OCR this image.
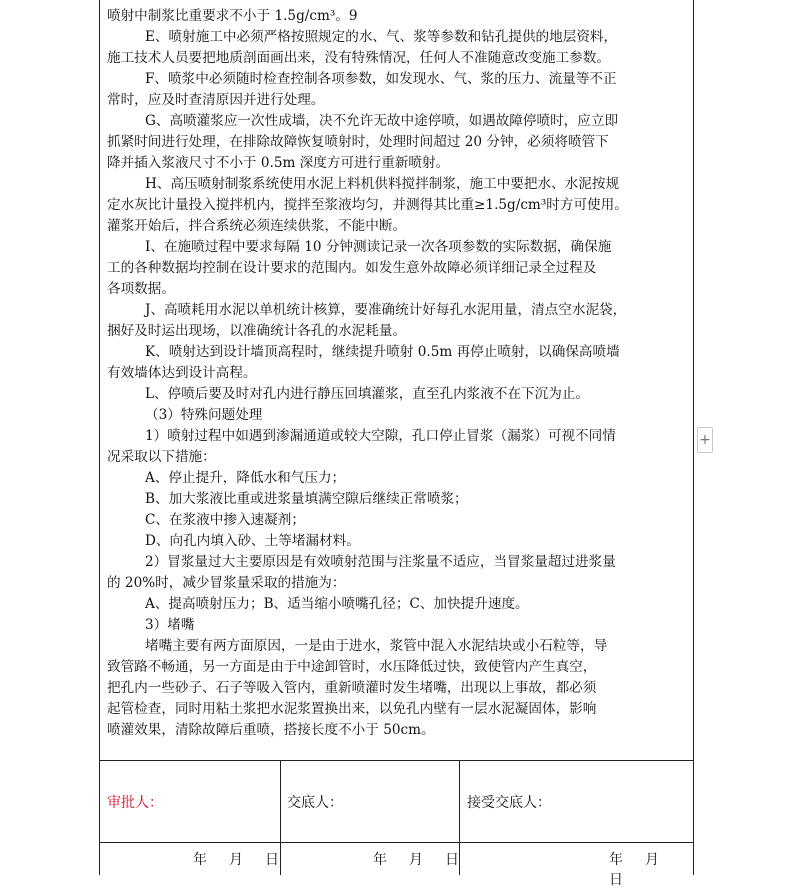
喷射中制浆比重要求不小于 1.5g/cm³。9

E、喷射施工中必须严格按照规定的水、气、浆等参数和钻孔提供的地层资料，

施工技术人员要把地质剖面画出来，没有特殊情况，任何人不准随意改变施工参数。

F、喷浆中必须随时检查控制各项参数，如发现水、气、浆的压力、流量等不正

常时，应及时查清原因并进行处理。

G、高喷灌浆应一次性成墙，决不允许无故中途停喷，如遇故障停喷时，应立即

抓紧时间进行处理，在排除故障恢复喷射时，处理时间超过 20 分钟，必须将喷管下

降并插入浆液尺寸不小于 0.5m 深度方可进行重新喷射。

H、高压喷射制浆系统使用水泥上料机供料搅拌制浆，施工中要把水、水泥按规

定水灰比计量投入搅拌机内，搅拌至浆液均匀，并测得其比重≥1.5g/cm³时方可使用。

灌浆开始后，拌合系统必须连续供浆，不能中断。

I、在施喷过程中要求每隔 10 分钟测读记录一次各项参数的实际数据，确保施

工的各种数据均控制在设计要求的范围内。如发生意外故障必须详细记录全过程及

各项数据。

J、高喷耗用水泥以单机统计核算，要准确统计好每孔水泥用量，清点空水泥袋，

捆好及时运出现场，以准确统计各孔的水泥耗量。

K、喷射达到设计墙顶高程时，继续提升喷射 0.5m 再停止喷射，以确保高喷墙

有效墙体达到设计高程。

L、停喷后要及时对孔内进行静压回填灌浆，直至孔内浆液不在下沉为止。

（3）特殊问题处理

1）喷射过程中如遇到渗漏通道或较大空隙，孔口停止冒浆（漏浆）可视不同情

况采取以下措施：

A、停止提升，降低水和气压力；

B、加大浆液比重或进浆量填满空隙后继续正常喷浆；

C、在浆液中掺入速凝剂；

D、向孔内填入砂、土等堵漏材料。

2）冒浆量过大主要原因是有效喷射范围与注浆量不适应，当冒浆量超过进浆量

的 20%时，减少冒浆量采取的措施为：

A、提高喷射压力；B、适当缩小喷嘴孔径；C、加快提升速度。

3）堵嘴

堵嘴主要有两方面原因，一是由于进水，浆管中混入水泥结块或小石粒等，导

致管路不畅通，另一方面是由于中途卸管时，水压降低过快，致使管内产生真空，

把孔内一些砂子、石子等吸入管内，重新喷灌时发生堵嘴，出现以上事故，都必须

起管检查，同时用粘土浆把水泥浆置换出来，以免孔内壁有一层水泥凝固体，影响

喷灌效果，清除故障后重喷，搭接长度不小于 50cm。

审批人：	交底人：	接受交底人：
年 月 日	年 月 日	年 月日
+
